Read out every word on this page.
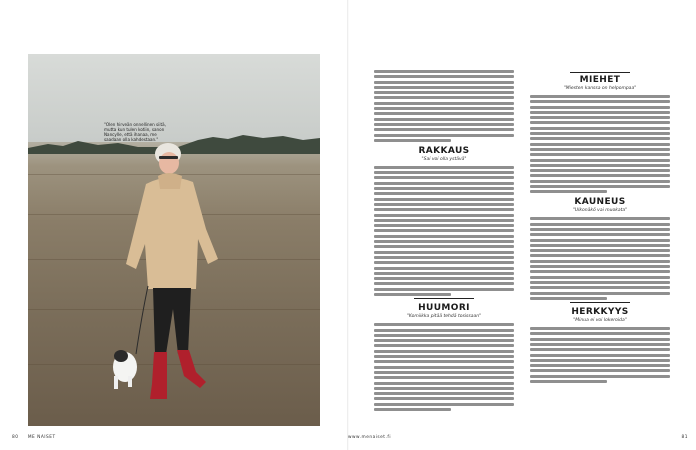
"Olen hirveän onnellinen siitä, mutta kun tulen kotiin, sanon Nancylle, että ihanaa, me saadaan olla kahdestaan."
80 ME NAISET
RAKKAUS
"Sai voi olla ystävä"
HUUMORI
"Komiikka pitää tehdä tosissaan"
MIEHET
"Miesten kanssa on helpompaa"
KAUNEUS
"Ulkonäkö vai muokata"
HERKKYYS
"Minua ei voi lokeroida"
www.menaiset.fi	81
